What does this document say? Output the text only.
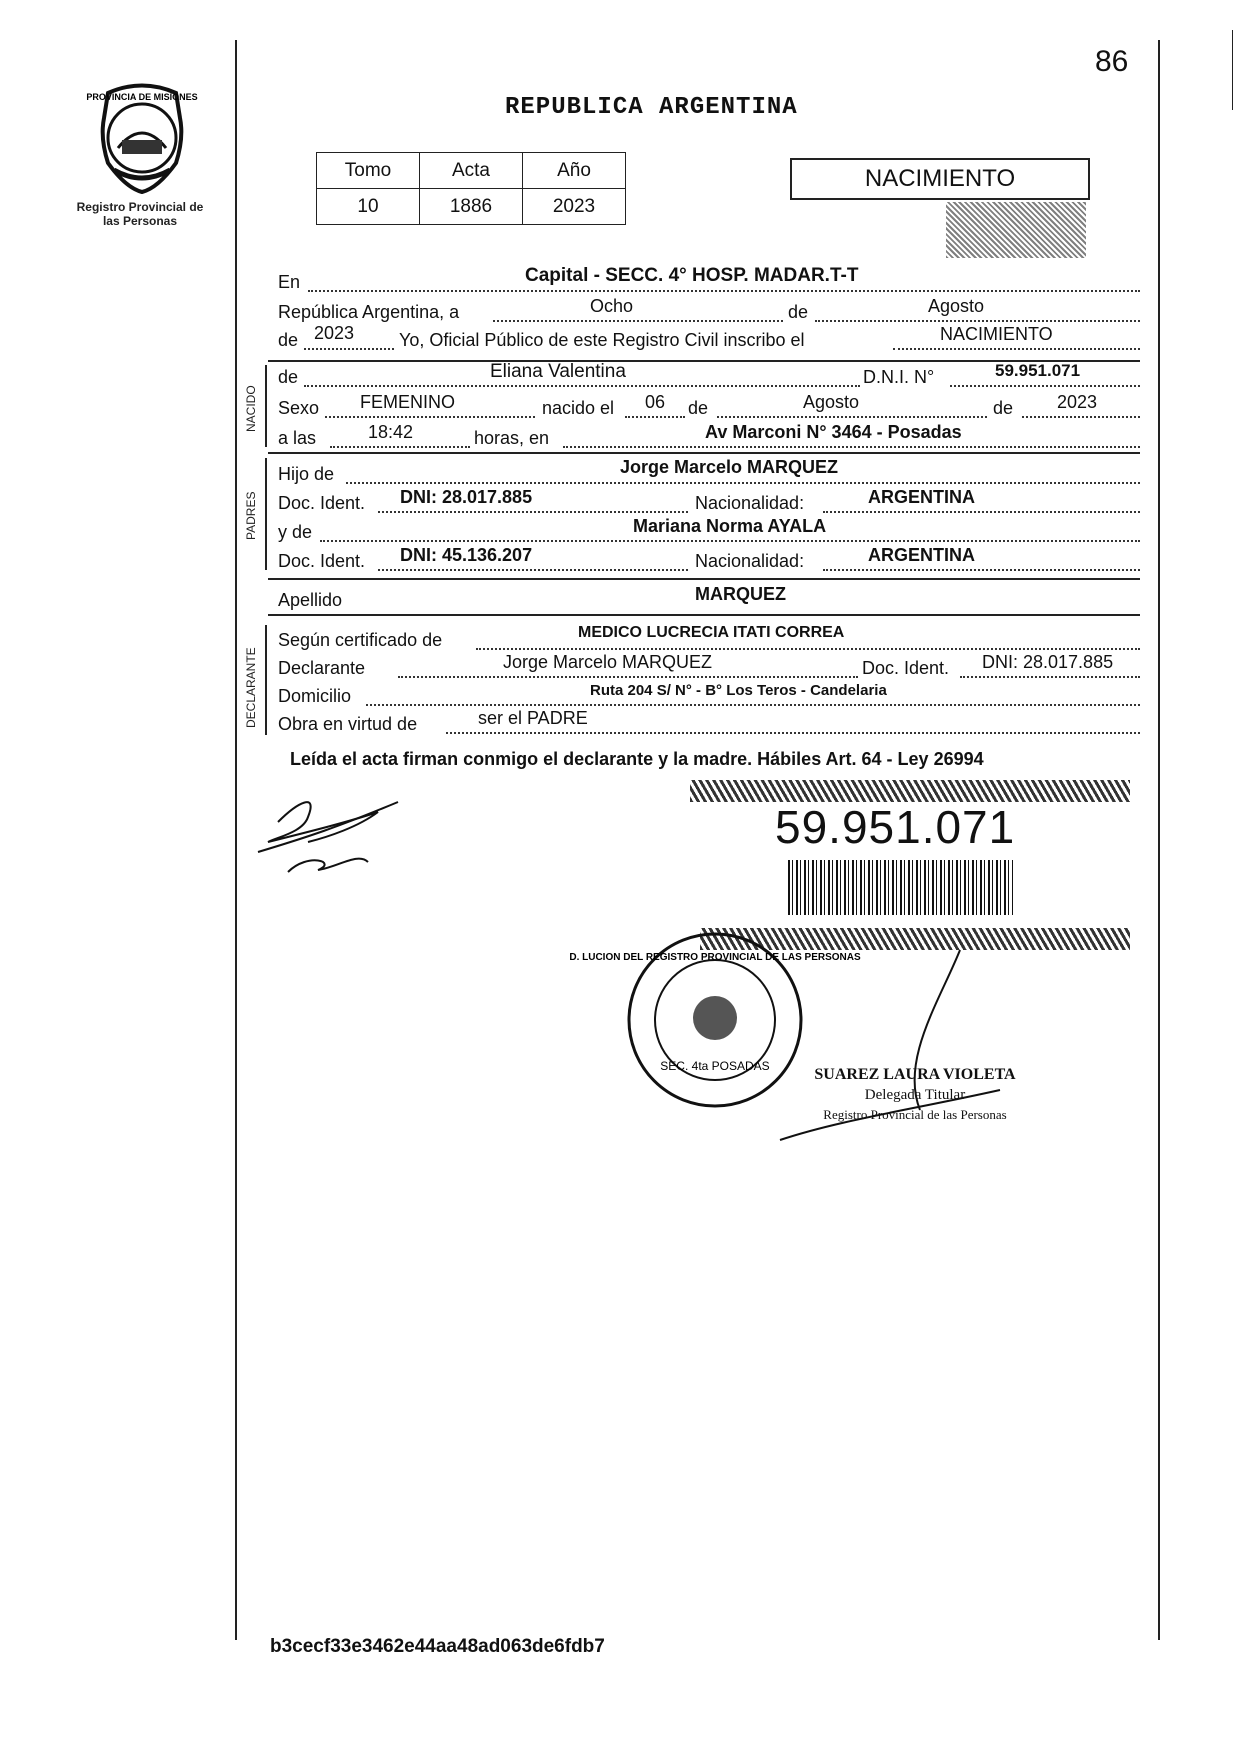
86
REPUBLICA ARGENTINA
PROVINCIA DE MISIONES
Registro Provincial de las Personas
Tomo	Acta	Año
10	1886	2023
NACIMIENTO
En	Capital - SECC. 4° HOSP. MADAR.T-T
República Argentina, a	Ocho	de	Agosto
de 2023 Yo, Oficial Público de este Registro Civil inscribo el	NACIMIENTO
NACIDO
de	Eliana Valentina	D.N.I. N°	59.951.071
Sexo FEMENINO	nacido el 06 de	Agosto	de 2023
a las	18:42	horas, en	Av Marconi N° 3464 - Posadas
PADRES
Hijo de	Jorge Marcelo MARQUEZ
Doc. Ident. DNI: 28.017.885	Nacionalidad:	ARGENTINA
y de	Mariana Norma AYALA
Doc. Ident. DNI: 45.136.207	Nacionalidad:	ARGENTINA
Apellido	MARQUEZ
DECLARANTE
Según certificado de	MEDICO LUCRECIA ITATI CORREA
Declarante	Jorge Marcelo MARQUEZ	Doc. Ident. DNI: 28.017.885
Domicilio	Ruta 204 S/ N° - B° Los Teros - Candelaria
Obra en virtud de	ser el PADRE
Leída el acta firman conmigo el declarante y la madre. Hábiles Art. 64 - Ley 26994
59.951.071
D. LUCION DEL REGISTRO PROVINCIAL DE LAS PERSONAS
SEC. 4ta POSADAS	SUAREZ LAURA VIOLETA
Delegada Titular
Registro Provincial de las Personas
b3cecf33e3462e44aa48ad063de6fdb7
